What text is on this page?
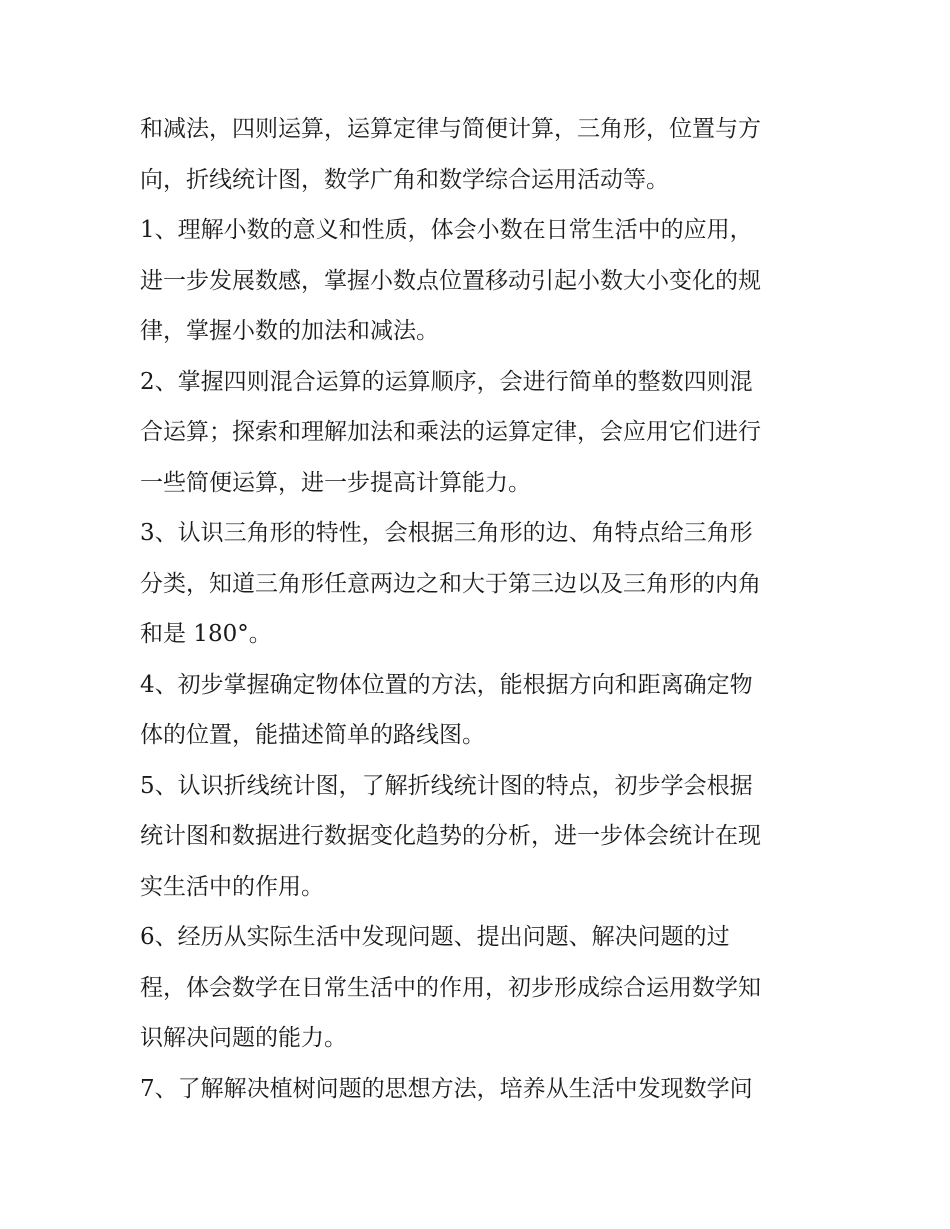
和减法，四则运算，运算定律与简便计算，三角形，位置与方
向，折线统计图，数学广角和数学综合运用活动等。
1、理解小数的意义和性质，体会小数在日常生活中的应用，
进一步发展数感，掌握小数点位置移动引起小数大小变化的规
律，掌握小数的加法和减法。
2、掌握四则混合运算的运算顺序，会进行简单的整数四则混
合运算；探索和理解加法和乘法的运算定律，会应用它们进行
一些简便运算，进一步提高计算能力。
3、认识三角形的特性，会根据三角形的边、角特点给三角形
分类，知道三角形任意两边之和大于第三边以及三角形的内角
和是 180°。
4、初步掌握确定物体位置的方法，能根据方向和距离确定物
体的位置，能描述简单的路线图。
5、认识折线统计图，了解折线统计图的特点，初步学会根据
统计图和数据进行数据变化趋势的分析，进一步体会统计在现
实生活中的作用。
6、经历从实际生活中发现问题、提出问题、解决问题的过
程，体会数学在日常生活中的作用，初步形成综合运用数学知
识解决问题的能力。
7、了解解决植树问题的思想方法，培养从生活中发现数学问
